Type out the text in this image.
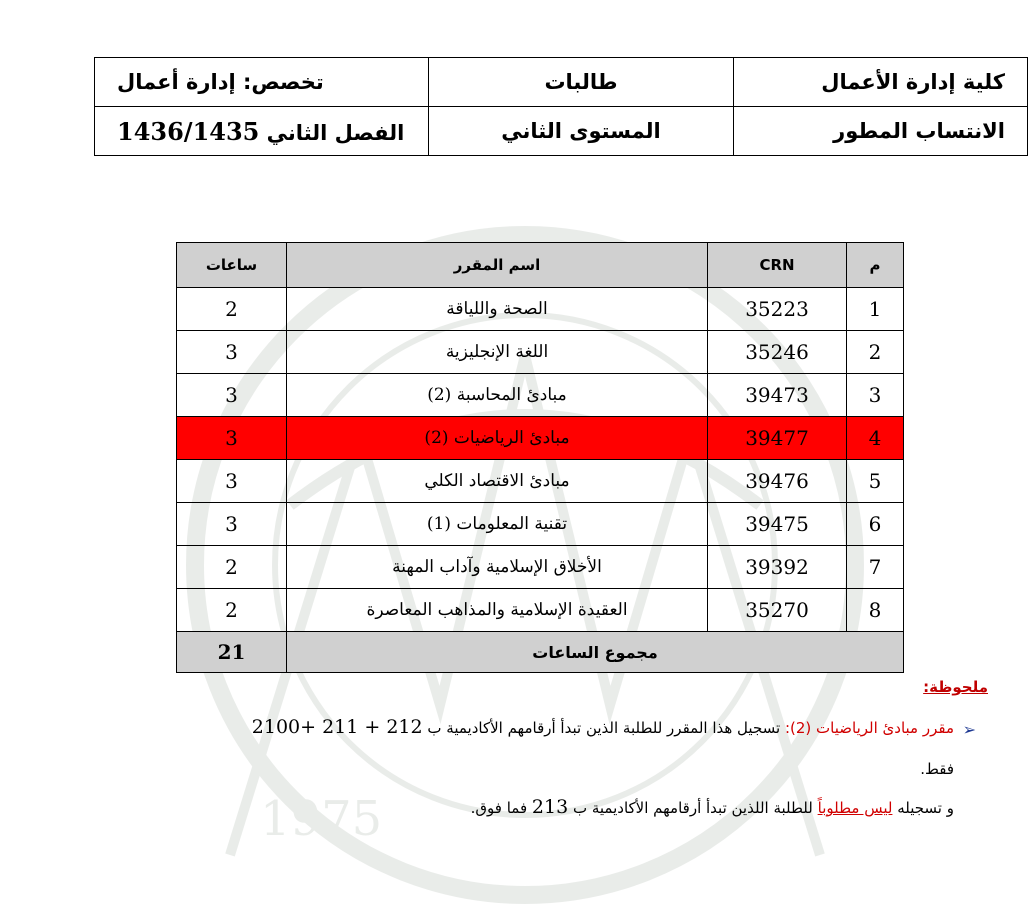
1975
كلية إدارة الأعمال	طالبات	تخصص: إدارة أعمال
الانتساب المطور	المستوى الثاني	الفصل الثاني 1436/1435
م	CRN	اسم المقرر	ساعات
1	35223	الصحة واللياقة	2
2	35246	اللغة الإنجليزية	3
3	39473	مبادئ المحاسبة (2)	3
4	39477	مبادئ الرياضيات (2)	3
5	39476	مبادئ الاقتصاد الكلي	3
6	39475	تقنية المعلومات (1)	3
7	39392	الأخلاق الإسلامية وآداب المهنة	2
8	35270	العقيدة الإسلامية والمذاهب المعاصرة	2
مجموع الساعات			21
ملحوظة:
➢
مقرر مبادئ الرياضيات (2): تسجيل هذا المقرر للطلبة الذين تبدأ أرقامهم الأكاديمية ب 2100+ 211 + 212
فقط.
و تسجيله ليس مطلوباً للطلبة اللذين تبدأ أرقامهم الأكاديمية ب 213 فما فوق.
